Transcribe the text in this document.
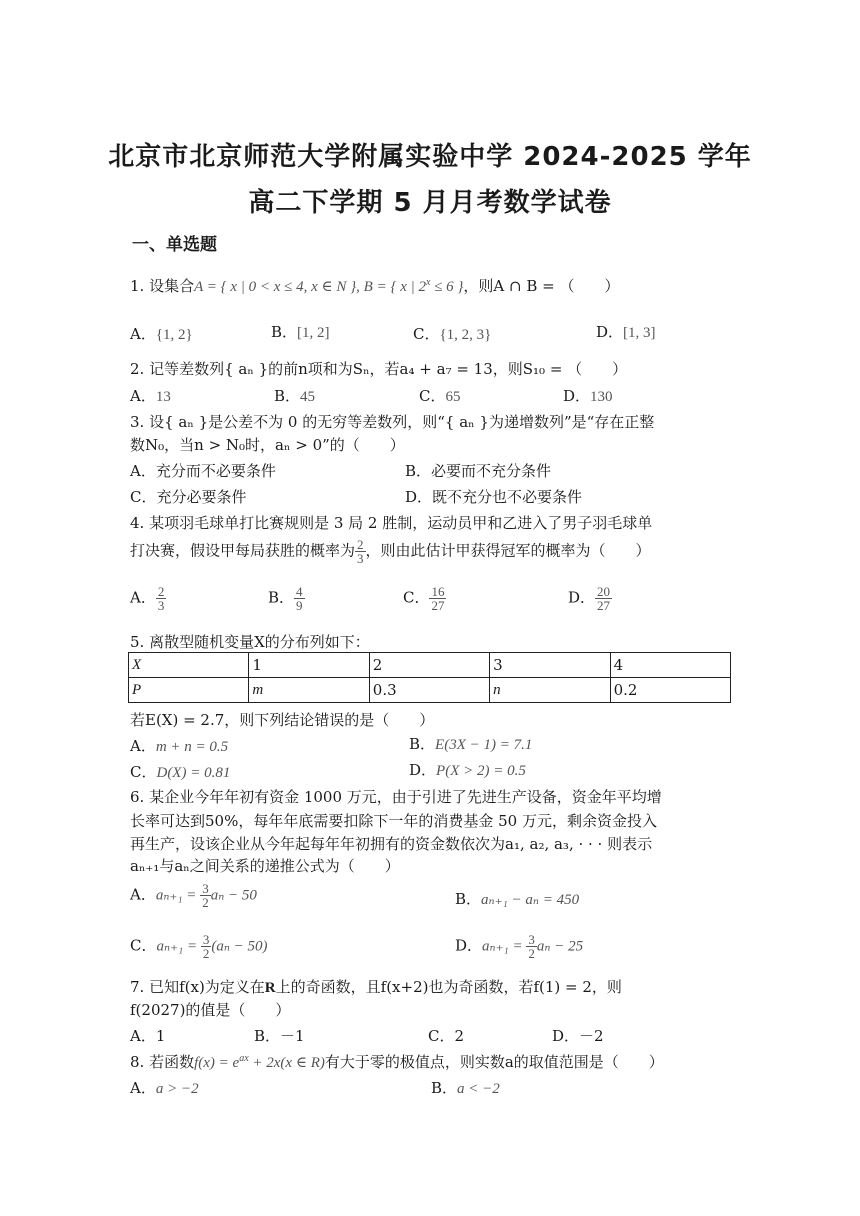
北京市北京师范大学附属实验中学 2024-2025 学年
高二下学期 5 月月考数学试卷
一、单选题
1. 设集合A = { x | 0 < x ≤ 4, x ∈ N }, B = { x | $2^x \le 6$ }，则A ∩ B = （　　）
A．{1, 2}	B．[1, 2]	C．{1, 2, 3}	D．[1, 3]
2. 记等差数列{ aₙ }的前n项和为Sₙ，若a₄ + a₇ = 13，则S₁₀ = （　　）
A．13	B．45	C．65	D．130
3. 设{ aₙ }是公差不为 0 的无穷等差数列，则“{ aₙ }为递增数列”是“存在正整
数N₀，当n > N₀时，aₙ > 0”的（　　）
A．充分而不必要条件	B．必要而不充分条件
C．充分必要条件	D．既不充分也不必要条件
4. 某项羽毛球单打比赛规则是 3 局 2 胜制，运动员甲和乙进入了男子羽毛球单
打决赛，假设甲每局获胜的概率为 $\frac{2}{3}$ ，则由此估计甲获得冠军的概率为（　　）
A． $\frac{2}{3}$	B． $\frac{4}{9}$	C． $\frac{16}{27}$	D． $\frac{20}{27}$
5. 离散型随机变量X的分布列如下：
X	1	2	3	4
P	m	0.3	n	0.2
若E(X) = 2.7，则下列结论错误的是（　　）
A．m + n = 0.5	B．E(3X − 1) = 7.1
C．D(X) = 0.81	D．P(X > 2) = 0.5
6. 某企业今年年初有资金 1000 万元，由于引进了先进生产设备，资金年平均增
长率可达到50%，每年年底需要扣除下一年的消费基金 50 万元，剩余资金投入
再生产，设该企业从今年起每年年初拥有的资金数依次为a₁, a₂, a₃, · · · 则表示
aₙ₊₁与aₙ之间关系的递推公式为（　　）
A．$a_{n+1} = \frac{3}{2}$ aₙ − 50	B．aₙ₊₁ − aₙ = 450
C．$a_{n+1} = \frac{3}{2} (a_n - 50)$	D．$a_{n+1} = \frac{3}{2}$ aₙ − 25
7. 已知f(x)为定义在R上的奇函数，且f(x+2)也为奇函数，若f(1) = 2，则
f(2027)的值是（　　）
A．1	B．－1	C．2	D．－2
8. 若函数$f(x) = e^{ax} + 2x(x$ ∈ R)有大于零的极值点，则实数a的取值范围是（　　）
A．a > −2	B．a < −2
